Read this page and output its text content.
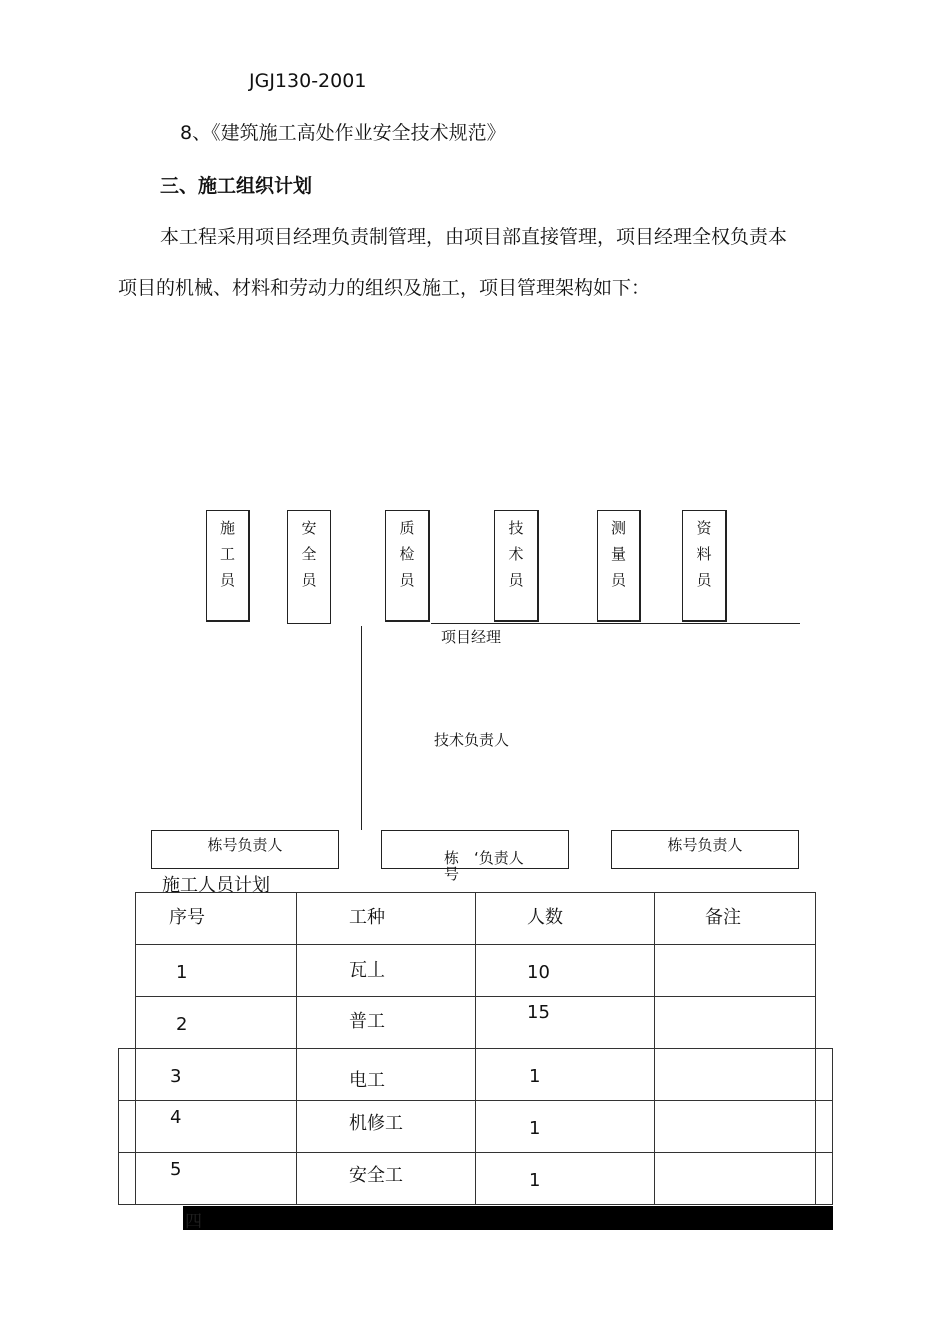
JGJ130-2001
8、《建筑施工高处作业安全技术规范》
三、施工组织计划
本工程采用项目经理负责制管理，由项目部直接管理，项目经理全权负责本
项目的机械、材料和劳动力的组织及施工，项目管理架构如下：
施
工
员
安
全
员
质
检
员
技
术
员
测
量
员
资
料
员
项目经理
技术负责人
栋号负责人

栋　‘负责人
号

栋号负责人
施工人员计划
序号	工种	人数	备注

1	瓦丄	10	

2	普工	15	

3	电工	1	

4	机修工	1	

5	安全工	1	

四
